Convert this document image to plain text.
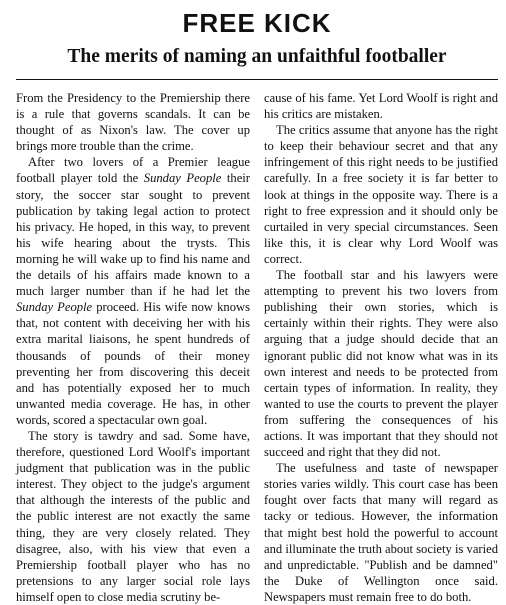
FREE KICK
The merits of naming an unfaithful footballer

From the Presidency to the Premiership there is a rule that governs scandals. It can be thought of as Nixon's law. The cover up brings more trouble than the crime.

After two lovers of a Premier league football player told the Sunday People their story, the soccer star sought to prevent publication by taking legal action to protect his privacy. He hoped, in this way, to prevent his wife hearing about the trysts. This morning he will wake up to find his name and the details of his affairs made known to a much larger number than if he had let the Sunday People proceed. His wife now knows that, not content with deceiving her with his extra marital liaisons, he spent hundreds of thousands of pounds of their money preventing her from discovering this deceit and has potentially exposed her to much unwanted media coverage. He has, in other words, scored a spectacular own goal.

The story is tawdry and sad. Some have, therefore, questioned Lord Woolf's important judgment that publication was in the public interest. They object to the judge's argument that although the interests of the public and the public interest are not exactly the same thing, they are very closely related. They disagree, also, with his view that even a Premiership football player who has no pretensions to any larger social role lays himself open to close media scrutiny be-

cause of his fame. Yet Lord Woolf is right and his critics are mistaken.

The critics assume that anyone has the right to keep their behaviour secret and that any infringement of this right needs to be justified carefully. In a free society it is far better to look at things in the opposite way. There is a right to free expression and it should only be curtailed in very special circumstances. Seen like this, it is clear why Lord Woolf was correct.

The football star and his lawyers were attempting to prevent his two lovers from publishing their own stories, which is certainly within their rights. They were also arguing that a judge should decide that an ignorant public did not know what was in its own interest and needs to be protected from certain types of information. In reality, they wanted to use the courts to prevent the player from suffering the consequences of his actions. It was important that they should not succeed and right that they did not.

The usefulness and taste of newspaper stories varies wildly. This court case has been fought over facts that many will regard as tacky or tedious. However, the information that might best hold the powerful to account and illuminate the truth about society is varied and unpredictable. "Publish and be damned" the Duke of Wellington once said. Newspapers must remain free to do both.
